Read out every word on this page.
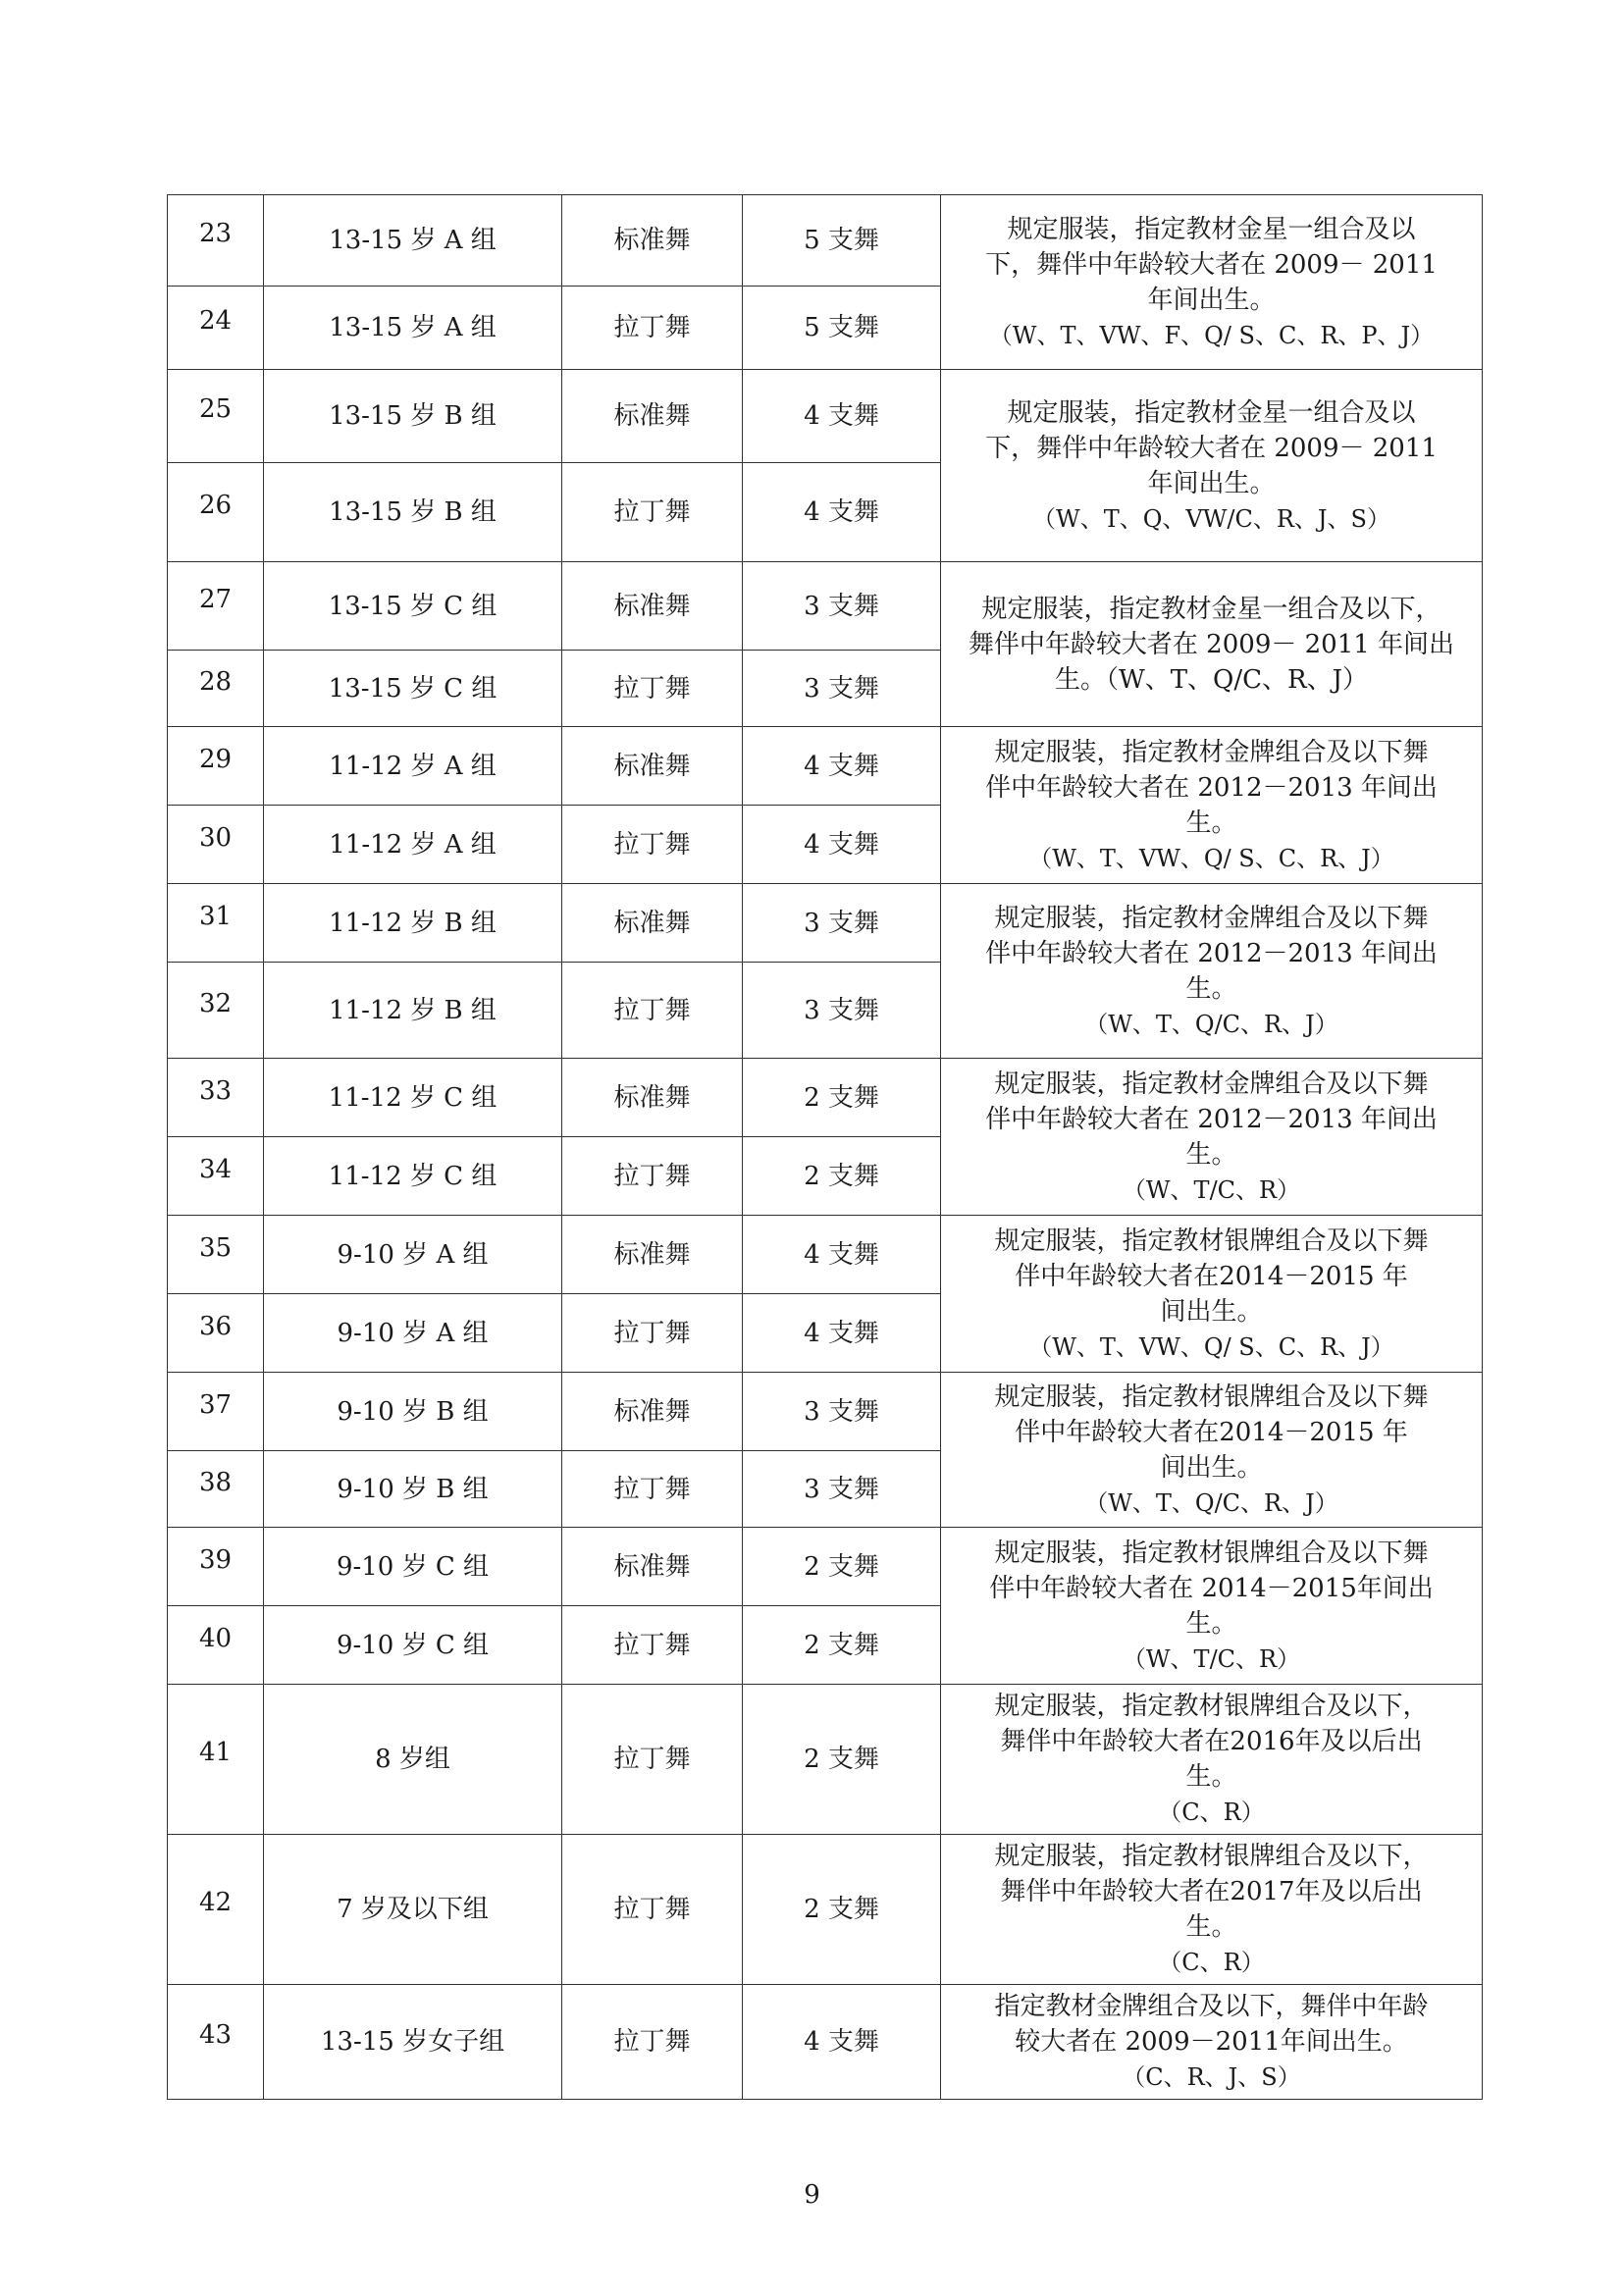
23	13-15 岁 A 组	标准舞	5 支舞	规定服装，指定教材金星一组合及以
下，舞伴中年龄较大者在 2009－ 2011
年间出生。
（W、T、VW、F、Q/ S、C、R、P、J）

24	13-15 岁 A 组	拉丁舞	5 支舞	
25	13-15 岁 B 组	标准舞	4 支舞	规定服装，指定教材金星一组合及以
下，舞伴中年龄较大者在 2009－ 2011
年间出生。
（W、T、Q、VW/C、R、J、S）

26	13-15 岁 B 组	拉丁舞	4 支舞	
27	13-15 岁 C 组	标准舞	3 支舞	规定服装，指定教材金星一组合及以下，
舞伴中年龄较大者在 2009－ 2011 年间出
生。（W、T、Q/C、R、J）

28	13-15 岁 C 组	拉丁舞	3 支舞	
29	11-12 岁 A 组	标准舞	4 支舞	规定服装，指定教材金牌组合及以下舞
伴中年龄较大者在 2012－2013 年间出
生。
（W、T、VW、Q/ S、C、R、J）

30	11-12 岁 A 组	拉丁舞	4 支舞	
31	11-12 岁 B 组	标准舞	3 支舞	规定服装，指定教材金牌组合及以下舞
伴中年龄较大者在 2012－2013 年间出
生。
（W、T、Q/C、R、J）

32	11-12 岁 B 组	拉丁舞	3 支舞	
33	11-12 岁 C 组	标准舞	2 支舞	规定服装，指定教材金牌组合及以下舞
伴中年龄较大者在 2012－2013 年间出
生。
（W、T/C、R）

34	11-12 岁 C 组	拉丁舞	2 支舞	
35	9-10 岁 A 组	标准舞	4 支舞	规定服装，指定教材银牌组合及以下舞
伴中年龄较大者在2014－2015 年
间出生。
（W、T、VW、Q/ S、C、R、J）

36	9-10 岁 A 组	拉丁舞	4 支舞	
37	9-10 岁 B 组	标准舞	3 支舞	规定服装，指定教材银牌组合及以下舞
伴中年龄较大者在2014－2015 年
间出生。
（W、T、Q/C、R、J）

38	9-10 岁 B 组	拉丁舞	3 支舞	
39	9-10 岁 C 组	标准舞	2 支舞	规定服装，指定教材银牌组合及以下舞
伴中年龄较大者在 2014－2015年间出
生。
（W、T/C、R）

40	9-10 岁 C 组	拉丁舞	2 支舞	
41	8 岁组	拉丁舞	2 支舞	规定服装，指定教材银牌组合及以下，
舞伴中年龄较大者在2016年及以后出
生。
（C、R）

42	7 岁及以下组	拉丁舞	2 支舞	规定服装，指定教材银牌组合及以下，
舞伴中年龄较大者在2017年及以后出
生。
（C、R）

43	13-15 岁女子组	拉丁舞	4 支舞	指定教材金牌组合及以下，舞伴中年龄
较大者在 2009－2011年间出生。
（C、R、J、S）
9
